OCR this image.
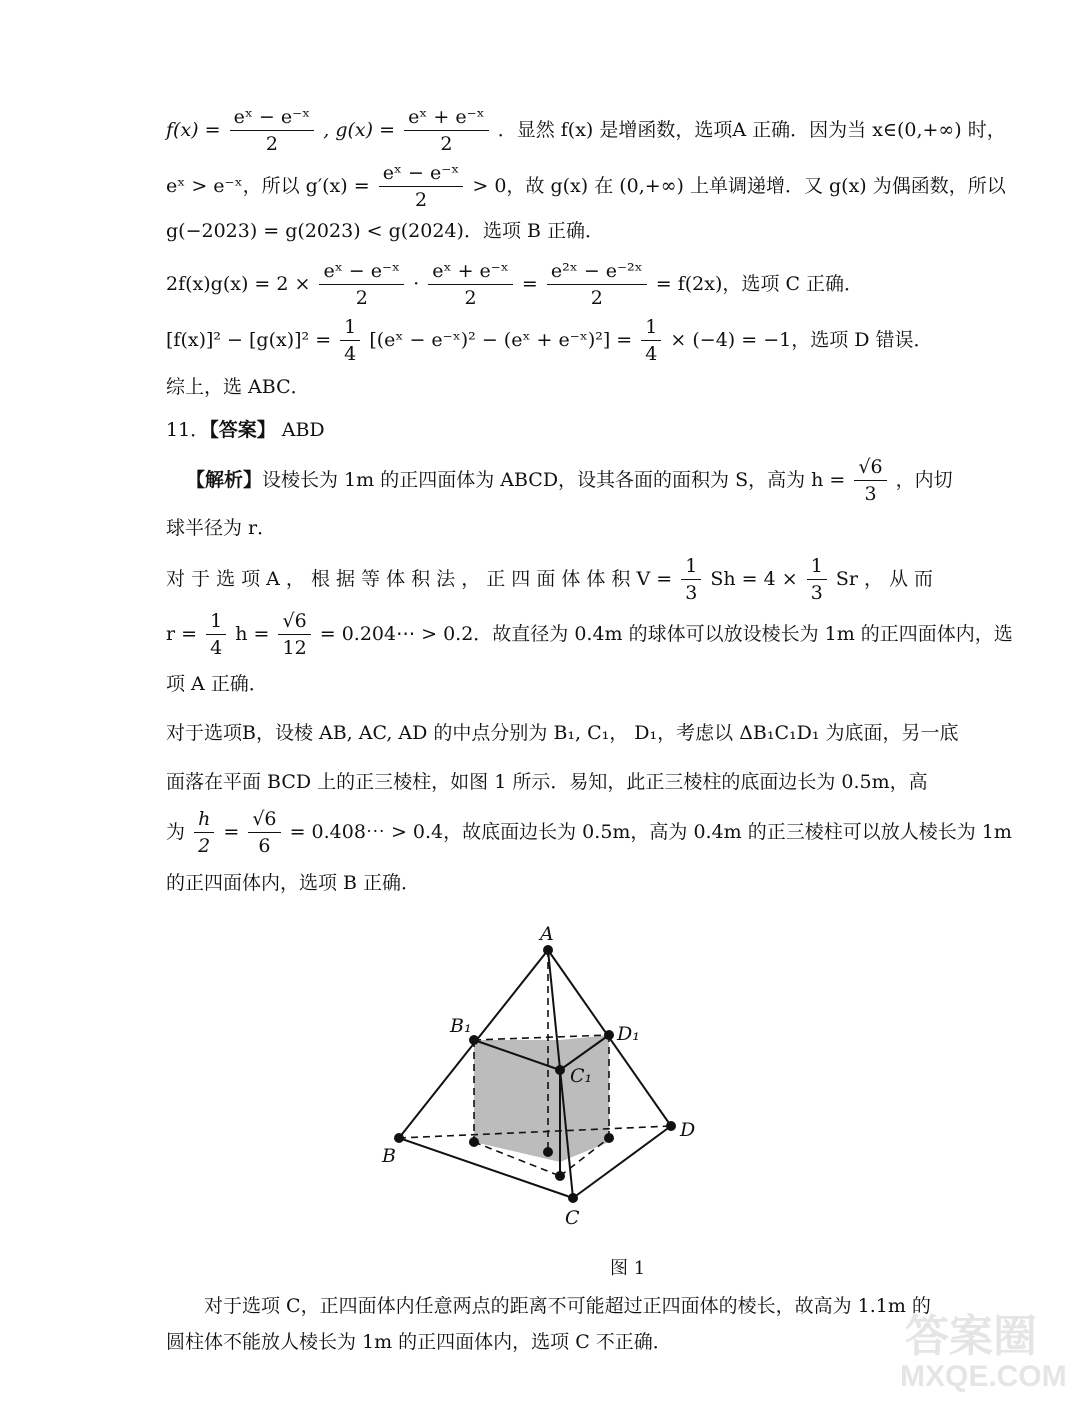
$f(x) = \frac{\text{eˣ − e⁻ˣ}}{2}$ , $g(x) = \frac{\text{eˣ + e⁻ˣ}}{2}$ ．显然 f(x) 是增函数，选项A 正确．因为当 x∈(0,+∞) 时，
eˣ > e⁻ˣ，所以 $g'(x) = \frac{\text{eˣ − e⁻ˣ}}{2} > 0$，故 g(x) 在 (0,+∞) 上单调递增．又 g(x) 为偶函数，所以
g(−2023) = g(2023) < g(2024)．选项 B 正确．
$2f(x)g(x) = 2 \times \frac{\text{eˣ − e⁻ˣ}}{2} \cdot \frac{\text{eˣ + e⁻ˣ}}{2} = \frac{\text{e²ˣ − e⁻²ˣ}}{2} = f(2x)$，选项 C 正确．
$[f(x)]^2 - [g(x)]^2 = \frac{1}{4}$ [(eˣ − e⁻ˣ)² − (eˣ + e⁻ˣ)²] = $\frac{1}{4} \times (-4) = -1$，选项 D 错误．
综上，选 ABC．
11．【答案】 ABD
【解析】设棱长为 1m 的正四面体为 ABCD，设其各面的面积为 S，高为 $h = \frac{√6}{3}$ ，内切
球半径为 r．
对 于 选 项 A ， 根 据 等 体 积 法 ， 正 四 面 体 体 积 $V = \frac{1}{3}$ $Sh = 4 \times \frac{1}{3}$ Sr ， 从 而
$r = \frac{1}{4}$ $h = \frac{√6}{12}$ = 0.204⋯ > 0.2．故直径为 0.4m 的球体可以放设棱长为 1m 的正四面体内，选
项 A 正确．
对于选项B，设棱 AB, AC, AD 的中点分别为 B₁, C₁， D₁，考虑以 ΔB₁C₁D₁ 为底面，另一底
面落在平面 BCD 上的正三棱柱，如图 1 所示．易知，此正三棱柱的底面边长为 0.5m，高
为 $\frac{h}{2} = \frac{√6}{6}$ = 0.408⋯ > 0.4，故底面边长为 0.5m，高为 0.4m 的正三棱柱可以放人棱长为 1m
的正四面体内，选项 B 正确．
A
B
C
D
B₁
C₁
D₁
图 1
对于选项 C，正四面体内任意两点的距离不可能超过正四面体的棱长，故高为 1.1m 的
圆柱体不能放人棱长为 1m 的正四面体内，选项 C 不正确．	答案圈
MXQE.COM
